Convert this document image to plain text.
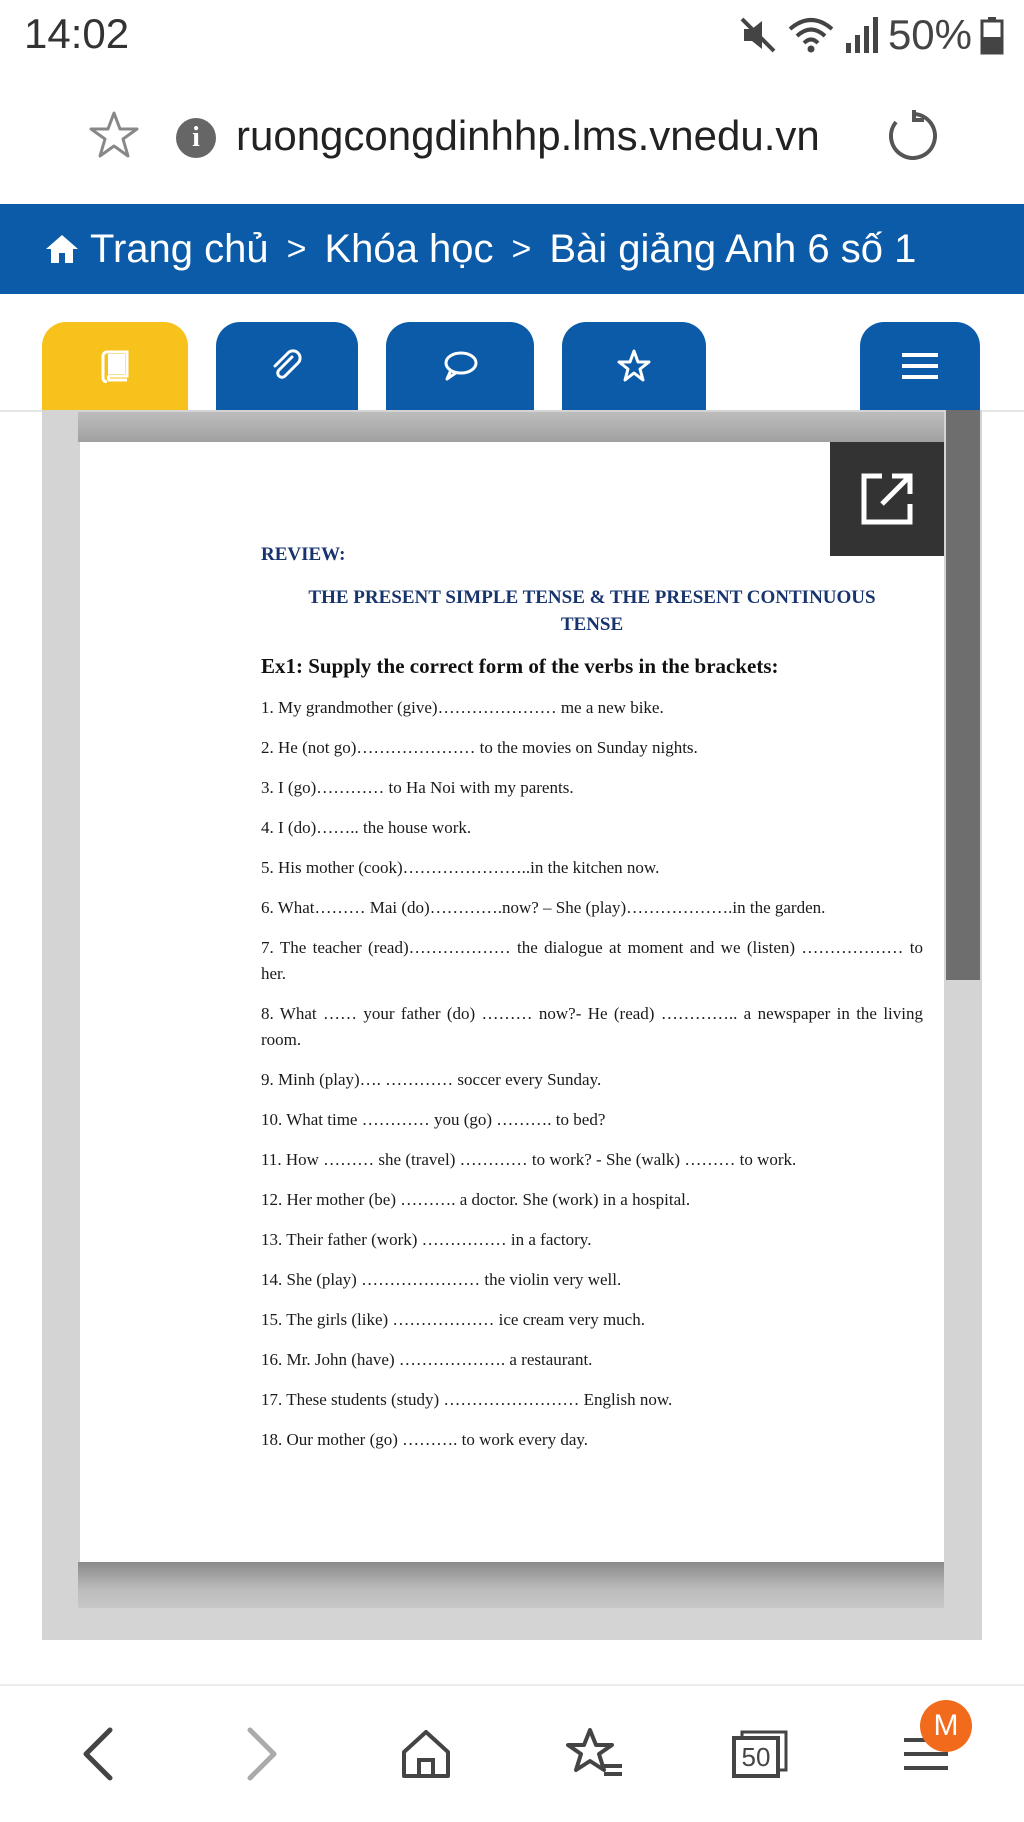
14:02	50%
i ruongcongdinhhp.lms.vnedu.vn
Trang chủ > Khóa học > Bài giảng Anh 6 số 1
REVIEW:
THE PRESENT SIMPLE TENSE & THE PRESENT CONTINUOUS
TENSE
Ex1: Supply the correct form of the verbs in the brackets:
1. My grandmother (give)………………… me a new bike.
2. He (not go)………………… to the movies on Sunday nights.
3. I (go)………… to Ha Noi with my parents.
4. I (do)…….. the house work.
5. His mother (cook)…………………..in the kitchen now.
6. What……… Mai (do)………….now? – She (play)……………….in the garden.
7. The teacher (read)……………… the dialogue at moment and we (listen) ……………… to her.
8. What …… your father (do) ……… now?- He (read) ………….. a newspaper in the living room.
9. Minh (play)…. ………… soccer every Sunday.
10. What time ………… you (go) ………. to bed?
11. How ……… she (travel) ………… to work? - She (walk) ……… to work.
12. Her mother (be) ………. a doctor. She (work) in a hospital.
13. Their father (work) …………… in a factory.
14. She (play) ………………… the violin very well.
15. The girls (like) ……………… ice cream very much.
16. Mr. John (have) ………………. a restaurant.
17. These students (study) …………………… English now.
18. Our mother (go) ………. to work every day.
50
M
